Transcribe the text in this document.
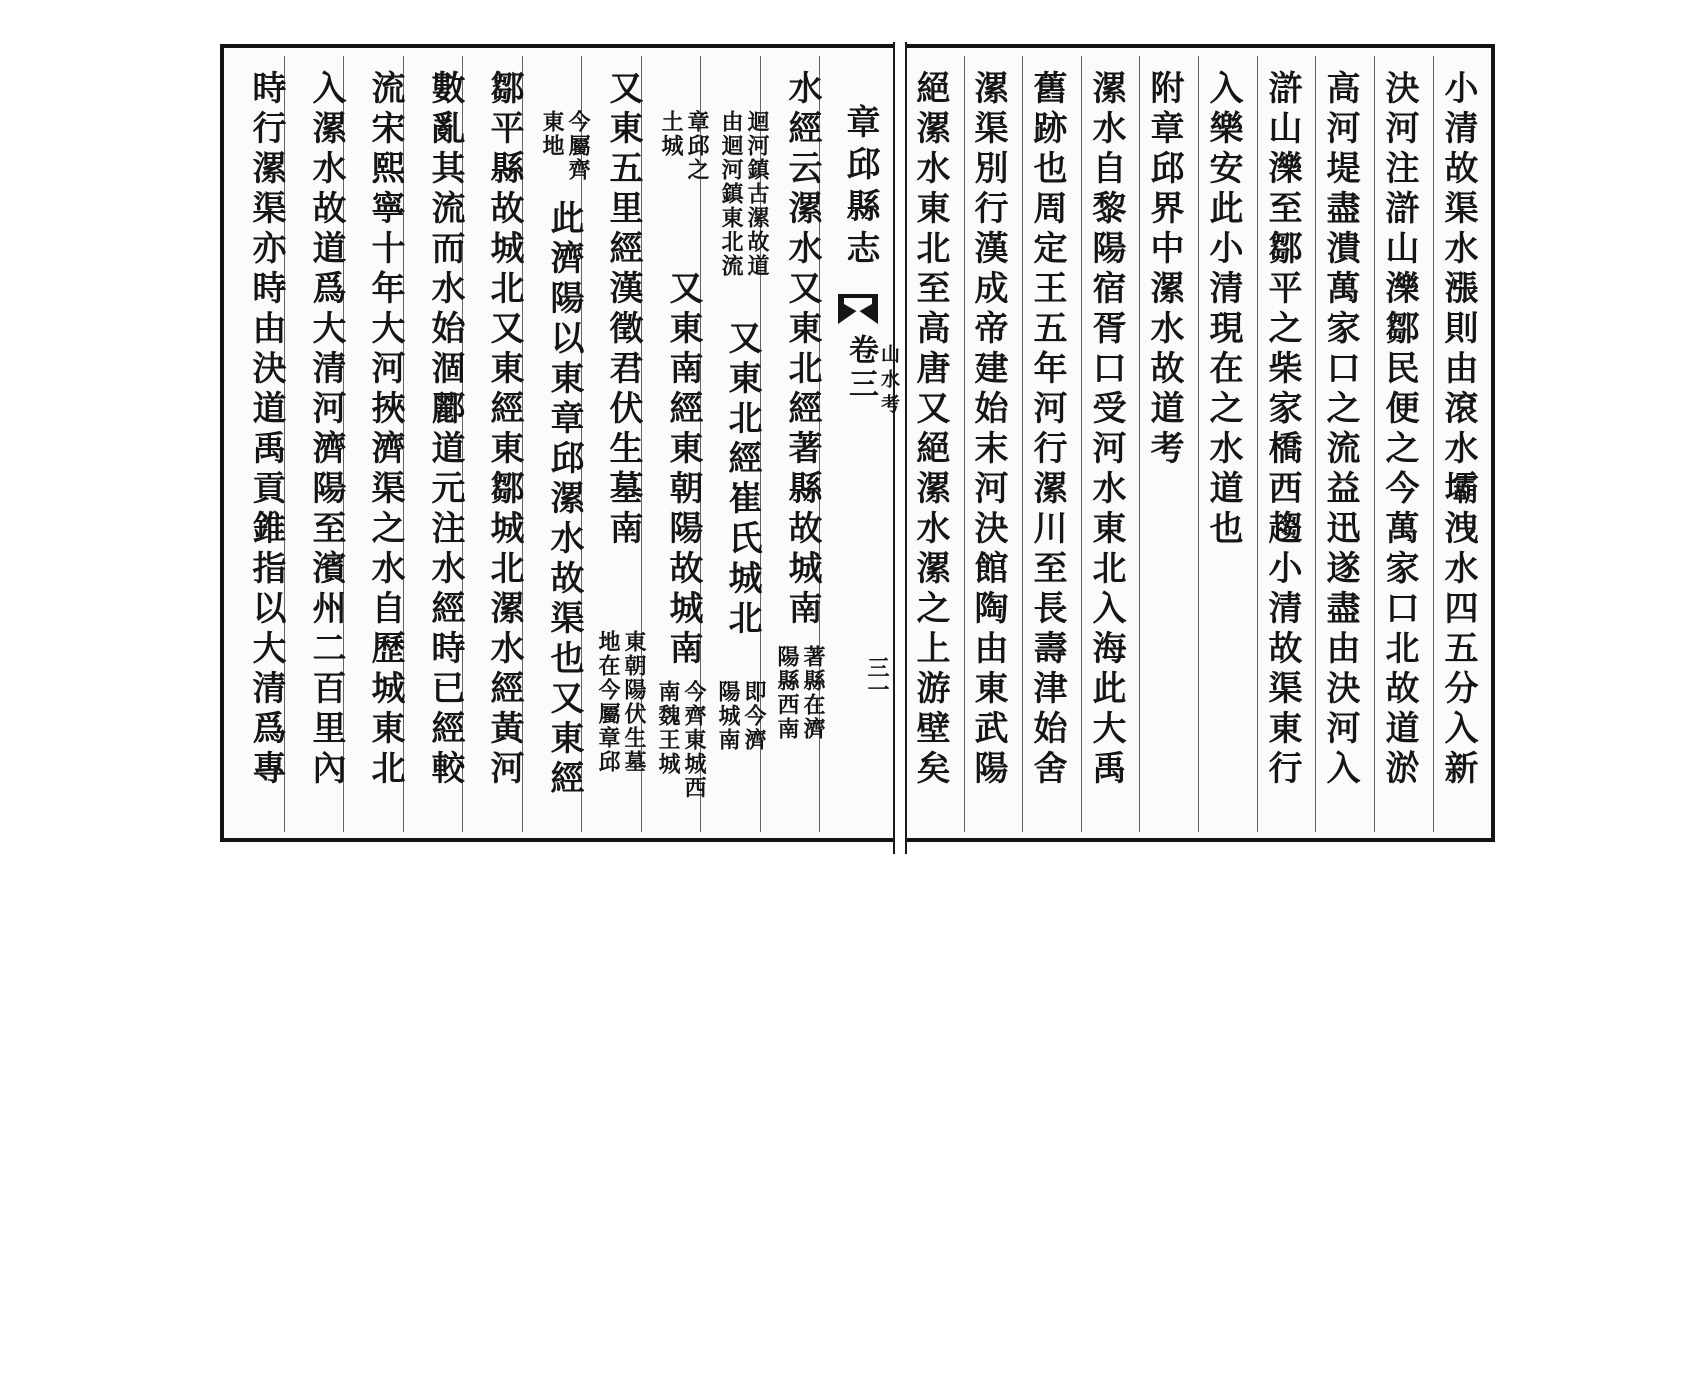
章邱縣志
卷三 山水考
三一	小清故渠水漲則由滾水壩洩水四五分入新
決河注滸山濼鄒民便之今萬家口北故道淤
高河堤盡潰萬家口之流益迅遂盡由決河入
滸山濼至鄒平之柴家橋西趨小清故渠東行
入樂安此小清現在之水道也
附章邱界中漯水故道考
漯水自黎陽宿胥口受河水東北入海此大禹
舊跡也周定王五年河行漯川至長壽津始舍
漯渠別行漢成帝建始末河決館陶由東武陽
絕漯水東北至高唐又絕漯水漯之上游壁矣
水經云漯水又東北經著縣故城南
著縣在濟
陽縣西南
迴河鎮古漯故道
由迴河鎮東北流
又東北經崔氏城北
即今濟
陽城南
章邱之
土城
又東南經東朝陽故城南
今齊東城西
南魏王城
又東五里經漢徵君伏生墓南
東朝陽伏生墓
地在今屬章邱
今屬齊
東地
此濟陽以東章邱漯水故渠也又東經
鄒平縣故城北又東經東鄒城北漯水經黃河
數亂其流而水始涸酈道元注水經時已經較
流宋熙寧十年大河挾濟渠之水自歷城東北
入漯水故道爲大清河濟陽至濱州二百里內
時行漯渠亦時由決道禹貢錐指以大清爲專
